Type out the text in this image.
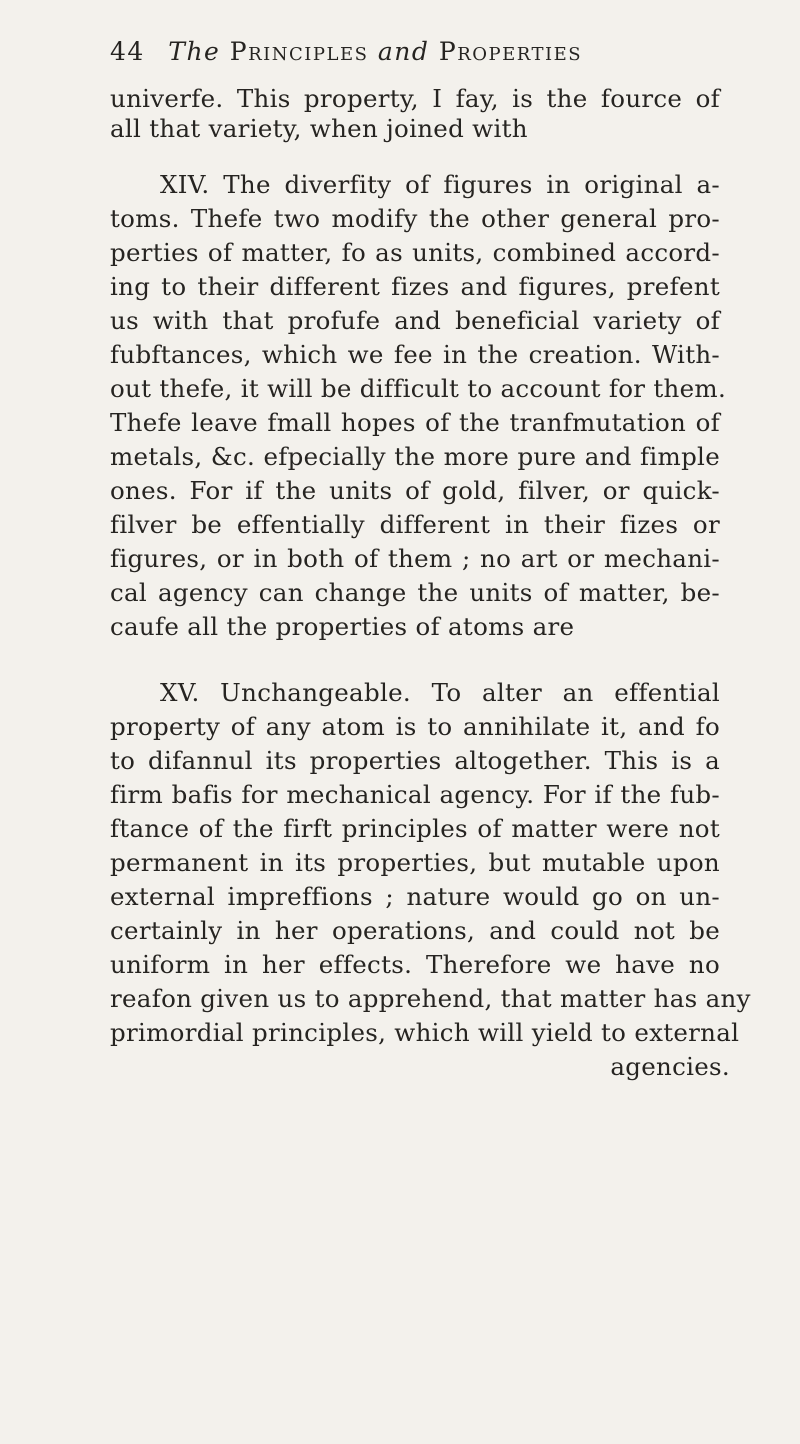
44 The Principles and Properties
univerfe. This property, I fay, is the fource of
all that variety, when joined with
XIV. The diverfity of figures in original a-
toms. Thefe two modify the other general pro-
perties of matter, fo as units, combined accord-
ing to their different fizes and figures, prefent
us with that profufe and beneficial variety of
fubftances, which we fee in the creation. With-
out thefe, it will be difficult to account for them.
Thefe leave fmall hopes of the tranfmutation of
metals, &c. efpecially the more pure and fimple
ones. For if the units of gold, filver, or quick-
filver be effentially different in their fizes or
figures, or in both of them ; no art or mechani-
cal agency can change the units of matter, be-
caufe all the properties of atoms are
XV. Unchangeable. To alter an effential
property of any atom is to annihilate it, and fo
to difannul its properties altogether. This is a
firm bafis for mechanical agency. For if the fub-
ftance of the firft principles of matter were not
permanent in its properties, but mutable upon
external impreffions ; nature would go on un-
certainly in her operations, and could not be
uniform in her effects. Therefore we have no
reafon given us to apprehend, that matter has any
primordial principles, which will yield to external
agencies.
